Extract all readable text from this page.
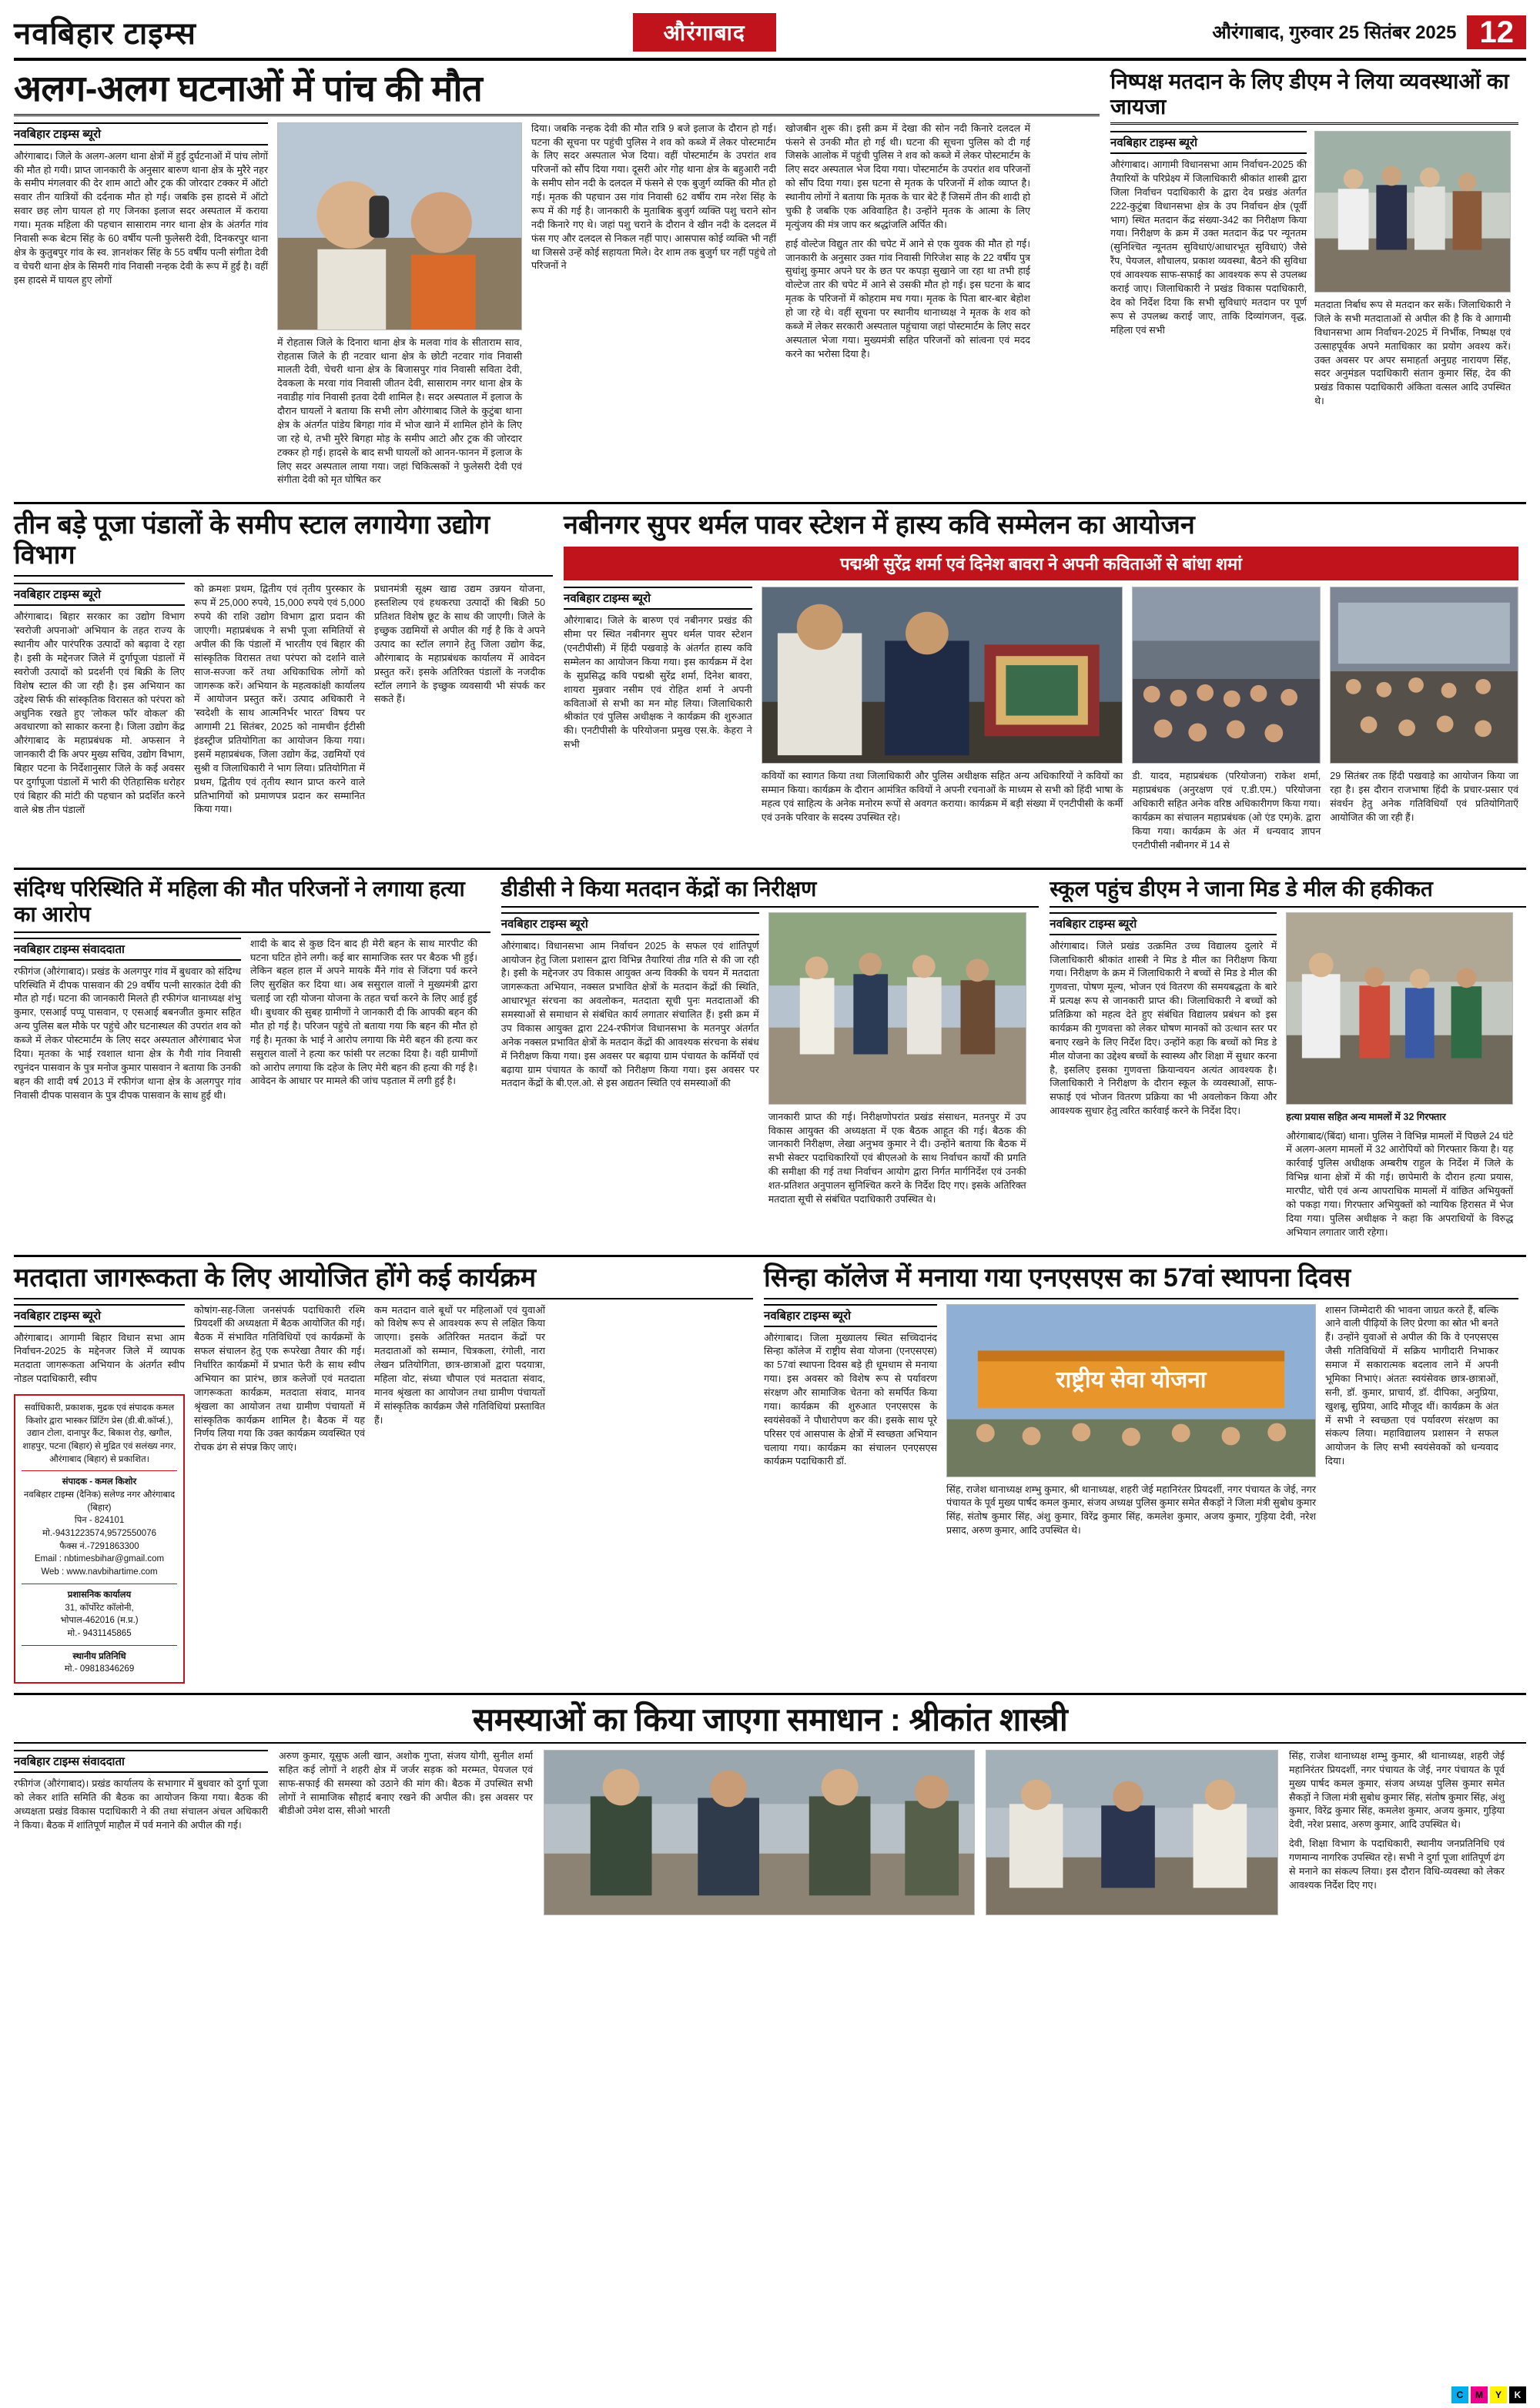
नवबिहार टाइम्स	औरंगाबाद	औरंगाबाद, गुरुवार 25 सितंबर 2025 12
अलग-अलग घटनाओं में पांच की मौत
नवबिहार टाइम्स ब्यूरो

औरंगाबाद। जिले के अलग-अलग थाना क्षेत्रों में हुई दुर्घटनाओं में पांच लोगों की मौत हो गयी। प्राप्त जानकारी के अनुसार बारुण थाना क्षेत्र के मुरैरे नहर के समीप मंगलवार की देर शाम आटो और ट्रक की जोरदार टक्कर में ऑटो सवार तीन यात्रियों की दर्दनाक मौत हो गई। जबकि इस हादसे में ऑटो सवार छह लोग घायल हो गए जिनका इलाज सदर अस्पताल में कराया गया। मृतक महिला की पहचान सासाराम नगर थाना क्षेत्र के अंतर्गत गांव निवासी रूक बेटम सिंह के 60 वर्षीय पत्नी फुलेसरी देवी, दिनकरपुर थाना क्षेत्र के कुतुबपुर गांव के स्व. ज्ञानशंकर सिंह के 55 वर्षीय पत्नी संगीता देवी व चेचरी थाना क्षेत्र के सिमरी गांव निवासी नन्हक देवी के रूप में हुई है। वहीं इस हादसे में घायल हुए लोगों

में रोहतास जिले के दिनारा थाना क्षेत्र के मलवा गांव के सीताराम साव, रोहतास जिले के ही नटवार थाना क्षेत्र के छोटी नटवार गांव निवासी मालती देवी, चेचरी थाना क्षेत्र के बिजासपुर गांव निवासी सविता देवी, देवकला के मरवा गांव निवासी जीतन देवी, सासाराम नगर थाना क्षेत्र के नवाडीह गांव निवासी इतवा देवी शामिल है। सदर अस्पताल में इलाज के दौरान घायलों ने बताया कि सभी लोग औरंगाबाद जिले के कुटुंबा थाना क्षेत्र के अंतर्गत पांडेय बिगहा गांव में भोज खाने में शामिल होने के लिए जा रहे थे, तभी मुरैरे बिगहा मोड़ के समीप आटो और ट्रक की जोरदार टक्कर हो गई। हादसे के बाद सभी घायलों को आनन-फानन में इलाज के लिए सदर अस्पताल लाया गया। जहां चिकित्सकों ने फुलेसरी देवी एवं संगीता देवी को मृत घोषित कर

दिया। जबकि नन्हक देवी की मौत रात्रि 9 बजे इलाज के दौरान हो गई। घटना की सूचना पर पहुंची पुलिस ने शव को कब्जे में लेकर पोस्टमार्टम के लिए सदर अस्पताल भेज दिया। वहीं पोस्टमार्टम के उपरांत शव परिजनों को सौंप दिया गया। दूसरी ओर गोह थाना क्षेत्र के बहुआरी नदी के समीप सोन नदी के दलदल में फंसने से एक बुजुर्ग व्यक्ति की मौत हो गई। मृतक की पहचान उस गांव निवासी 62 वर्षीय राम नरेश सिंह के रूप में की गई है। जानकारी के मुताबिक बुजुर्ग व्यक्ति पशु चराने सोन नदी किनारे गए थे। जहां पशु चराने के दौरान वे खीन नदी के दलदल में फंस गए और दलदल से निकल नहीं पाए। आसपास कोई व्यक्ति भी नहीं था जिससे उन्हें कोई सहायता मिले। देर शाम तक बुजुर्ग घर नहीं पहुंचे तो परिजनों ने

खोजबीन शुरू की। इसी क्रम में देखा की सोन नदी किनारे दलदल में फंसने से उनकी मौत हो गई थी। घटना की सूचना पुलिस को दी गई जिसके आलोक में पहुंची पुलिस ने शव को कब्जे में लेकर पोस्टमार्टम के लिए सदर अस्पताल भेज दिया गया। पोस्टमार्टम के उपरांत शव परिजनों को सौंप दिया गया। इस घटना से मृतक के परिजनों में शोक व्याप्त है। स्थानीय लोगों ने बताया कि मृतक के चार बेटे हैं जिसमें तीन की शादी हो चुकी है जबकि एक अविवाहित है। उन्होंने मृतक के आत्मा के लिए मृत्युंजय की मंत्र जाप कर श्रद्धांजलि अर्पित की।

हाई वोल्टेज विद्युत तार की चपेट में आने से एक युवक की मौत हो गई। जानकारी के अनुसार उक्त गांव निवासी गिरिजेश साह के 22 वर्षीय पुत्र सुधांशु कुमार अपने घर के छत पर कपड़ा सुखाने जा रहा था तभी हाई वोल्टेज तार की चपेट में आने से उसकी मौत हो गई। इस घटना के बाद मृतक के परिजनों में कोहराम मच गया। मृतक के पिता बार-बार बेहोश हो जा रहे थे। वहीं सूचना पर स्थानीय थानाध्यक्ष ने मृतक के शव को कब्जे में लेकर सरकारी अस्पताल पहुंचाया जहां पोस्टमार्टम के लिए सदर अस्पताल भेजा गया। मुख्यमंत्री सहित परिजनों को सांत्वना एवं मदद करने का भरोसा दिया है।

निष्पक्ष मतदान के लिए डीएम ने लिया व्यवस्थाओं का जायजा
नवबिहार टाइम्स ब्यूरो

औरंगाबाद। आगामी विधानसभा आम निर्वाचन-2025 की तैयारियों के परिप्रेक्ष्य में जिलाधिकारी श्रीकांत शास्त्री द्वारा जिला निर्वाचन पदाधिकारी के द्वारा देव प्रखंड अंतर्गत 222-कुटुंबा विधानसभा क्षेत्र के उप निर्वाचन क्षेत्र (पूर्वी भाग) स्थित मतदान केंद्र संख्या-342 का निरीक्षण किया गया। निरीक्षण के क्रम में उक्त मतदान केंद्र पर न्यूनतम (सुनिश्चित न्यूनतम सुविधाएं/आधारभूत सुविधाएं) जैसे रैंप, पेयजल, शौचालय, प्रकाश व्यवस्था, बैठने की सुविधा एवं आवश्यक साफ-सफाई का आवश्यक रूप से उपलब्ध कराई जाए। जिलाधिकारी ने प्रखंड विकास पदाधिकारी, देव को निर्देश दिया कि सभी सुविधाएं मतदान पर पूर्ण रूप से उपलब्ध कराई जाए, ताकि दिव्यांगजन, वृद्ध, महिला एवं सभी

मतदाता निर्बाध रूप से मतदान कर सकें। जिलाधिकारी ने जिले के सभी मतदाताओं से अपील की है कि वे आगामी विधानसभा आम निर्वाचन-2025 में निर्भीक, निष्पक्ष एवं उत्साहपूर्वक अपने मताधिकार का प्रयोग अवश्य करें। उक्त अवसर पर अपर समाहर्ता अनुग्रह नारायण सिंह, सदर अनुमंडल पदाधिकारी संतान कुमार सिंह, देव की प्रखंड विकास पदाधिकारी अंकिता वत्सल आदि उपस्थित थे।

तीन बड़े पूजा पंडालों के समीप स्टाल लगायेगा उद्योग विभाग
नवबिहार टाइम्स ब्यूरो

औरंगाबाद। बिहार सरकार का उद्योग विभाग 'स्वरोजी अपनाओ' अभियान के तहत राज्य के स्थानीय और पारंपरिक उत्पादों को बढ़ावा दे रहा है। इसी के मद्देनजर जिले में दुर्गापूजा पंडालों में स्वरोजी उत्पादों को प्रदर्शनी एवं बिक्री के लिए विशेष स्टाल की जा रही है। इस अभियान का उद्देश्य सिर्फ की सांस्कृतिक विरासत को परंपरा को अधुनिक रखते हुए 'लोकल फॉर वोकल' की अवधारणा को साकार करना है। जिला उद्योग केंद्र औरंगाबाद के महाप्रबंधक मो. अफसान ने जानकारी दी कि अपर मुख्य सचिव, उद्योग विभाग, बिहार पटना के निर्देशानुसार जिले के कई अवसर पर दुर्गापूजा पंडालों में भारी की ऐतिहासिक धरोहर एवं बिहार की मांटी की पहचान को प्रदर्शित करने वाले श्रेष्ठ तीन पंडालों

को क्रमशः प्रथम, द्वितीय एवं तृतीय पुरस्कार के रूप में 25,000 रुपये, 15,000 रुपये एवं 5,000 रुपये की राशि उद्योग विभाग द्वारा प्रदान की जाएगी। महाप्रबंधक ने सभी पूजा समितियों से अपील की कि पंडालों में भारतीय एवं बिहार की सांस्कृतिक विरासत तथा परंपरा को दर्शाने वाले साज-सज्जा करें तथा अधिकाधिक लोगों को जागरूक करें। अभियान के महत्वकांक्षी कार्यालय में आयोजन प्रस्तुत करें। उत्पाद अधिकारी ने 'स्वदेशी के साथ आत्मनिर्भर भारत' विषय पर आगामी 21 सितंबर, 2025 को नामचीन ईटीसी इंडस्ट्रीज प्रतियोगिता का आयोजन किया गया। इसमें महाप्रबंधक, जिला उद्योग केंद्र, उद्यमियों एवं सुश्री व जिलाधिकारी ने भाग लिया। प्रतियोगिता में प्रथम, द्वितीय एवं तृतीय स्थान प्राप्त करने वाले प्रतिभागियों को प्रमाणपत्र प्रदान कर सम्मानित किया गया।

प्रधानमंत्री सूक्ष्म खाद्य उद्यम उन्नयन योजना, हस्तशिल्प एवं हथकरघा उत्पादों की बिक्री 50 प्रतिशत विशेष छूट के साथ की जाएगी। जिले के इच्छुक उद्यमियों से अपील की गई है कि वे अपने उत्पाद का स्टॉल लगाने हेतु जिला उद्योग केंद्र, औरंगाबाद के महाप्रबंधक कार्यालय में आवेदन प्रस्तुत करें। इसके अतिरिक्त पंडालों के नजदीक स्टॉल लगाने के इच्छुक व्यवसायी भी संपर्क कर सकते हैं।

नबीनगर सुपर थर्मल पावर स्टेशन में हास्य कवि सम्मेलन का आयोजन
पद्मश्री सुरेंद्र शर्मा एवं दिनेश बावरा ने अपनी कविताओं से बांधा शमां
नवबिहार टाइम्स ब्यूरो

औरंगाबाद। जिले के बारुण एवं नबीनगर प्रखंड की सीमा पर स्थित नबीनगर सुपर थर्मल पावर स्टेशन (एनटीपीसी) में हिंदी पखवाड़े के अंतर्गत हास्य कवि सम्मेलन का आयोजन किया गया। इस कार्यक्रम में देश के सुप्रसिद्ध कवि पद्मश्री सुरेंद्र शर्मा, दिनेश बावरा, शायरा मुन्नवार नसीम एवं रोहित शर्मा ने अपनी कविताओं से सभी का मन मोह लिया। जिलाधिकारी श्रीकांत एवं पुलिस अधीक्षक ने कार्यक्रम की शुरुआत की। एनटीपीसी के परियोजना प्रमुख एस.के. केहरा ने सभी

कवियों का स्वागत किया तथा जिलाधिकारी और पुलिस अधीक्षक सहित अन्य अधिकारियों ने कवियों का सम्मान किया। कार्यक्रम के दौरान आमंत्रित कवियों ने अपनी रचनाओं के माध्यम से सभी को हिंदी भाषा के महत्व एवं साहित्य के अनेक मनोरम रूपों से अवगत कराया। कार्यक्रम में बड़ी संख्या में एनटीपीसी के कर्मी एवं उनके परिवार के सदस्य उपस्थित रहे।

डी. यादव, महाप्रबंधक (परियोजना) राकेश शर्मा, महाप्रबंधक (अनुरक्षण एवं ए.डी.एम.) परियोजना अधिकारी सहित अनेक वरिष्ठ अधिकारीगण किया गया। कार्यक्रम का संचालन महाप्रबंधक (ओ एंड एम)के. द्वारा किया गया। कार्यक्रम के अंत में धन्यवाद ज्ञापन एनटीपीसी नबीनगर में 14 से

29 सितंबर तक हिंदी पखवाड़े का आयोजन किया जा रहा है। इस दौरान राजभाषा हिंदी के प्रचार-प्रसार एवं संवर्धन हेतु अनेक गतिविधियाँ एवं प्रतियोगिताएँ आयोजित की जा रही हैं।

संदिग्ध परिस्थिति में महिला की मौत परिजनों ने लगाया हत्या का आरोप
नवबिहार टाइम्स संवाददाता

रफीगंज (औरंगाबाद)। प्रखंड के अलगपुर गांव में बुधवार को संदिग्ध परिस्थिति में दीपक पासवान की 29 वर्षीय पत्नी सारकांत देवी की मौत हो गई। घटना की जानकारी मिलते ही रफीगंज थानाध्यक्ष शंभु कुमार, एसआई पप्पू पासवान, ए एसआई बबनजीत कुमार सहित अन्य पुलिस बल मौके पर पहुंचे और घटनास्थल की उपरांत शव को कब्जे में लेकर पोस्टमार्टम के लिए सदर अस्पताल औरंगाबाद भेज दिया। मृतका के भाई रवशाल थाना क्षेत्र के गैवी गांव निवासी रघुनंदन पासवान के पुत्र मनोज कुमार पासवान ने बताया कि उनकी बहन की शादी वर्ष 2013 में रफीगंज थाना क्षेत्र के अलगपुर गांव निवासी दीपक पासवान के पुत्र दीपक पासवान के साथ हुई थी।

शादी के बाद से कुछ दिन बाद ही मेरी बहन के साथ मारपीट की घटना घटित होने लगी। कई बार सामाजिक स्तर पर बैठक भी हुई। लेकिन बहल हाल में अपने मायके मैंने गांव से जिंदगा पर्व करने लिए सुरक्षित कर दिया था। अब ससुराल वालों ने मुख्यमंत्री द्वारा चलाई जा रही योजना योजना के तहत चर्चा करने के लिए आई हुई थी। बुधवार की सुबह ग्रामीणों ने जानकारी दी कि आपकी बहन की मौत हो गई है। परिजन पहुंचे तो बताया गया कि बहन की मौत हो गई है। मृतका के भाई ने आरोप लगाया कि मेरी बहन की हत्या कर ससुराल वालों ने हत्या कर फांसी पर लटका दिया है। वही ग्रामीणों को आरोप लगाया कि दहेज के लिए मेरी बहन की हत्या की गई है। आवेदन के आधार पर मामले की जांच पड़ताल में लगी हुई है।

डीडीसी ने किया मतदान केंद्रों का निरीक्षण
नवबिहार टाइम्स ब्यूरो

औरंगाबाद। विधानसभा आम निर्वाचन 2025 के सफल एवं शांतिपूर्ण आयोजन हेतु जिला प्रशासन द्वारा विभिन्न तैयारियां तीव्र गति से की जा रही है। इसी के मद्देनजर उप विकास आयुक्त अन्य विक्की के चयन में मतदाता जागरूकता अभियान, नक्सल प्रभावित क्षेत्रों के मतदान केंद्रों की स्थिति, आधारभूत संरचना का अवलोकन, मतदाता सूची पुनः मतदाताओं की समस्याओं से समाधान से संबंधित कार्य लगातार संचालित हैं। इसी क्रम में उप विकास आयुक्त द्वारा 224-रफीगंज विधानसभा के मतनपुर अंतर्गत अनेक नक्सल प्रभावित क्षेत्रों के मतदान केंद्रों की आवश्यक संरचना के संबंध में निरीक्षण किया गया। इस अवसर पर बढ़ाया ग्राम पंचायत के कर्मियों एवं बढ़ाया ग्राम पंचायत के कार्यों को निरीक्षण किया गया। इस अवसर पर मतदान केंद्रों के बी.एल.ओ. से इस अद्यतन स्थिति एवं समस्याओं की

जानकारी प्राप्त की गई। निरीक्षणोपरांत प्रखंड संसाधन, मतनपुर में उप विकास आयुक्त की अध्यक्षता में एक बैठक आहूत की गई। बैठक की जानकारी निरीक्षण, लेखा अनुभव कुमार ने दी। उन्होंने बताया कि बैठक में सभी सेक्टर पदाधिकारियों एवं बीएलओ के साथ निर्वाचन कार्यों की प्रगति की समीक्षा की गई तथा निर्वाचन आयोग द्वारा निर्गत मार्गनिर्देश एवं उनकी शत-प्रतिशत अनुपालन सुनिश्चित करने के निर्देश दिए गए। इसके अतिरिक्त मतदाता सूची से संबंधित पदाधिकारी उपस्थित थे।

स्कूल पहुंच डीएम ने जाना मिड डे मील की हकीकत
नवबिहार टाइम्स ब्यूरो

औरंगाबाद। जिले प्रखंड उत्क्रमित उच्च विद्यालय दुलारे में जिलाधिकारी श्रीकांत शास्त्री ने मिड डे मील का निरीक्षण किया गया। निरीक्षण के क्रम में जिलाधिकारी ने बच्चों से मिड डे मील की गुणवत्ता, पोषण मूल्य, भोजन एवं वितरण की समयबद्धता के बारे में प्रत्यक्ष रूप से जानकारी प्राप्त की। जिलाधिकारी ने बच्चों को प्रतिक्रिया को महत्व देते हुए संबंधित विद्यालय प्रबंधन को इस कार्यक्रम की गुणवत्ता को लेकर घोषण मानकों को उत्थान स्तर पर बनाए रखने के लिए निर्देश दिए। उन्होंने कहा कि बच्चों को मिड डे मील योजना का उद्देश्य बच्चों के स्वास्थ्य और शिक्षा में सुधार करना है, इसलिए इसका गुणवत्ता क्रियान्वयन अत्यंत आवश्यक है। जिलाधिकारी ने निरीक्षण के दौरान स्कूल के व्यवस्थाओं, साफ-सफाई एवं भोजन वितरण प्रक्रिया का भी अवलोकन किया और आवश्यक सुधार हेतु त्वरित कार्रवाई करने के निर्देश दिए।

हत्या प्रयास सहित अन्य मामलों में 32 गिरफ्तार

औरंगाबाद/(बिंदा) थाना। पुलिस ने विभिन्न मामलों में पिछले 24 घंटे में अलग-अलग मामलों में 32 आरोपियों को गिरफ्तार किया है। यह कार्रवाई पुलिस अधीक्षक अम्बरीष राहुल के निर्देश में जिले के विभिन्न थाना क्षेत्रों में की गई। छापेमारी के दौरान हत्या प्रयास, मारपीट, चोरी एवं अन्य आपराधिक मामलों में वांछित अभियुक्तों को पकड़ा गया। गिरफ्तार अभियुक्तों को न्यायिक हिरासत में भेज दिया गया। पुलिस अधीक्षक ने कहा कि अपराधियों के विरुद्ध अभियान लगातार जारी रहेगा।

मतदाता जागरूकता के लिए आयोजित होंगे कई कार्यक्रम
नवबिहार टाइम्स ब्यूरो

औरंगाबाद। आगामी बिहार विधान सभा आम निर्वाचन-2025 के मद्देनजर जिले में व्यापक मतदाता जागरूकता अभियान के अंतर्गत स्वीप नोडल पदाधिकारी, स्वीप

सर्वाधिकारी, प्रकाशक, मुद्रक एवं संपादक कमल किशोर द्वारा भास्कर प्रिंटिंग प्रेस (डी.बी.कॉर्प्स.), उद्यान टोला, दानापुर कैंट, बिकाश रोड़, खगौल, शाहपुर, पटना (बिहार) से मुद्रित एवं सलंख्य नगर, औरंगाबाद (बिहार) से प्रकाशित।
संपादक - कमल किशोर
नवबिहार टाइम्स (दैनिक) सलेण्ड नगर औरंगाबाद (बिहार)
पिन - 824101
मो.-9431223574,9572550076
फैक्स नं.-7291863300
Email : nbtimesbihar@gmail.com
Web : www.navbihartime.com
प्रशासनिक कार्यालय
31, कॉर्पोरेट कॉलोनी,
भोपाल-462016 (म.प्र.)
मो.- 9431145865
स्थानीय प्रतिनिधि
मो.- 09818346269

कोषांग-सह-जिला जनसंपर्क पदाधिकारी रश्मि प्रियदर्शी की अध्यक्षता में बैठक आयोजित की गई। बैठक में संभावित गतिविधियों एवं कार्यक्रमों के सफल संचालन हेतु एक रूपरेखा तैयार की गई। निर्धारित कार्यक्रमों में प्रभात फेरी के साथ स्वीप अभियान का प्रारंभ, छात्र कलेजों एवं मतदाता जागरूकता कार्यक्रम, मतदाता संवाद, मानव श्रृंखला का आयोजन तथा ग्रामीण पंचायतों में सांस्कृतिक कार्यक्रम शामिल है। बैठक में यह निर्णय लिया गया कि उक्त कार्यक्रम व्यवस्थित एवं रोचक ढंग से संपन्न किए जाएं।

कम मतदान वाले बूथों पर महिलाओं एवं युवाओं को विशेष रूप से आवश्यक रूप से लक्षित किया जाएगा। इसके अतिरिक्त मतदान केंद्रों पर मतदाताओं को सम्मान, चित्रकला, रंगोली, नारा लेखन प्रतियोगिता, छात्र-छात्राओं द्वारा पदयात्रा, महिला वोट, संध्या चौपाल एवं मतदाता संवाद, मानव श्रृंखला का आयोजन तथा ग्रामीण पंचायतों में सांस्कृतिक कार्यक्रम जैसे गतिविधियां प्रस्तावित हैं।

सिन्हा कॉलेज में मनाया गया एनएसएस का 57वां स्थापना दिवस
नवबिहार टाइम्स ब्यूरो

औरंगाबाद। जिला मुख्यालय स्थित सच्चिदानंद सिन्हा कॉलेज में राष्ट्रीय सेवा योजना (एनएसएस) का 57वां स्थापना दिवस बड़े ही धूमधाम से मनाया गया। इस अवसर को विशेष रूप से पर्यावरण संरक्षण और सामाजिक चेतना को समर्पित किया गया। कार्यक्रम की शुरुआत एनएसएस के स्वयंसेवकों ने पौधारोपण कर की। इसके साथ पूरे परिसर एवं आसपास के क्षेत्रों में स्वच्छता अभियान चलाया गया। कार्यक्रम का संचालन एनएसएस कार्यक्रम पदाधिकारी डॉ.

राष्ट्रीय सेवा योजना

सिंह, राजेश थानाध्यक्ष शम्भु कुमार, श्री थानाध्यक्ष, शहरी जेई महानिरंतर प्रियदर्शी, नगर पंचायत के जेई, नगर पंचायत के पूर्व मुख्य पार्षद कमल कुमार, संजय अध्यक्ष पुलिस कुमार समेत सैकड़ों ने जिला मंत्री सुबोध कुमार सिंह, संतोष कुमार सिंह, अंशु कुमार, विरेंद्र कुमार सिंह, कमलेश कुमार, अजय कुमार, गुड़िया देवी, नरेश प्रसाद, अरुण कुमार, आदि उपस्थित थे।

शासन जिम्मेदारी की भावना जाग्रत करते हैं, बल्कि आने वाली पीढ़ियों के लिए प्रेरणा का स्रोत भी बनते हैं। उन्होंने युवाओं से अपील की कि वे एनएसएस जैसी गतिविधियों में सक्रिय भागीदारी निभाकर समाज में सकारात्मक बदलाव लाने में अपनी भूमिका निभाएं। अंततः स्वयंसेवक छात्र-छात्राओं, सनी, डॉ. कुमार, प्राचार्य, डॉ. दीपिका, अनुप्रिया, खुशबू, सुप्रिया, आदि मौजूद थीं। कार्यक्रम के अंत में सभी ने स्वच्छता एवं पर्यावरण संरक्षण का संकल्प लिया। महाविद्यालय प्रशासन ने सफल आयोजन के लिए सभी स्वयंसेवकों को धन्यवाद दिया।

समस्याओं का किया जाएगा समाधान : श्रीकांत शास्त्री
नवबिहार टाइम्स संवाददाता

रफीगंज (औरंगाबाद)। प्रखंड कार्यालय के सभागार में बुधवार को दुर्गा पूजा को लेकर शांति समिति की बैठक का आयोजन किया गया। बैठक की अध्यक्षता प्रखंड विकास पदाधिकारी ने की तथा संचालन अंचल अधिकारी ने किया। बैठक में शांतिपूर्ण माहौल में पर्व मनाने की अपील की गई।

अरुण कुमार, यूसुफ अली खान, अशोक गुप्ता, संजय योगी, सुनील शर्मा सहित कई लोगों ने शहरी क्षेत्र में जर्जर सड़क को मरम्मत, पेयजल एवं साफ-सफाई की समस्या को उठाने की मांग की। बैठक में उपस्थित सभी लोगों ने सामाजिक सौहार्द बनाए रखने की अपील की। इस अवसर पर बीडीओ उमेश दास, सीओ भारती

सिंह, राजेश थानाध्यक्ष शम्भु कुमार, श्री थानाध्यक्ष, शहरी जेई महानिरंतर प्रियदर्शी, नगर पंचायत के जेई, नगर पंचायत के पूर्व मुख्य पार्षद कमल कुमार, संजय अध्यक्ष पुलिस कुमार समेत सैकड़ों ने जिला मंत्री सुबोध कुमार सिंह, संतोष कुमार सिंह, अंशु कुमार, विरेंद्र कुमार सिंह, कमलेश कुमार, अजय कुमार, गुड़िया देवी, नरेश प्रसाद, अरुण कुमार, आदि उपस्थित थे।

देवी, शिक्षा विभाग के पदाधिकारी, स्थानीय जनप्रतिनिधि एवं गणमान्य नागरिक उपस्थित रहे। सभी ने दुर्गा पूजा शांतिपूर्ण ढंग से मनाने का संकल्प लिया। इस दौरान विधि-व्यवस्था को लेकर आवश्यक निर्देश दिए गए।

C	M	Y	K
